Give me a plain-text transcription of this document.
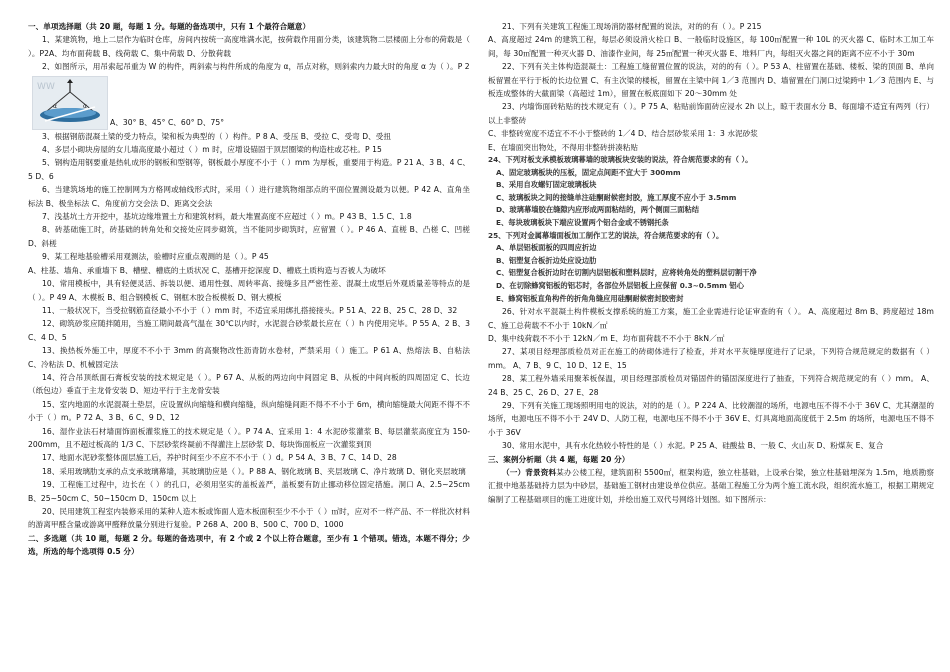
一、单项选择题（共 20 题，每题 1 分。每题的备选项中，只有 1 个最符合题意）

1、某建筑物，地上二层作为临时仓库，房间内按统一高度堆满水泥，按荷载作用面分类，该建筑物二层楼面上分布的荷载是（ ）。P2A、均布面荷载 B、线荷载 C、集中荷载 D、分散荷载

2、如图所示，用吊索起吊重为 W 的构件，两斜索与构件所成的角度为 α，吊点对称，则斜索内力最大时的角度 α 为（ ）。P 2

WW
α	α
A、30° B、45° C、60° D、75°

3、根据钢筋混凝土梁的受力特点，梁和板为典型的（ ）构件。P 8 A、受压 B、受拉 C、受弯 D、受扭

4、多层小砌块房屋的女儿墙高度最小超过（ ）m 时，应增设锚固于顶层圈梁的构造柱或芯柱。P 15

5、钢构造用钢要重是热轧成形的钢板和型钢等，钢板最小厚度不小于（ ）mm 为厚板，重要用于构造。P 21 A、3 B、4 C、5 D、6

6、当建筑场地的施工控制网为方格网或轴线形式时，采用（ ）进行建筑物细部点的平面位置测设最为以便。P 42 A、直角坐标法 B、极坐标法 C、角度前方交会法 D、距离交会法

7、浅基坑土方开挖中，基坑边缘堆置土方和建筑材料，最大堆置高度不应超过（ ）m。P 43 B、1.5 C、1.8

8、砖基础施工时，砖基础的转角处和交接处应同步砌筑，当不能同步砌筑时，应留置（ ）。P 46 A、直槎 B、凸槎 C、凹槎 D、斜槎

9、某工程地基验槽采用观测法，验槽时应重点观测的是（ ）。P 45

A、柱基、墙角、承重墙下 B、槽壁、槽底的土质状况 C、基槽开挖深度 D、槽底土质构造与否被人为破坏

10、常用模板中，具有轻便灵活、拆装以便、通用性强、周转率高、接缝多且严密性差、混凝土成型后外观质量差等特点的是（ ）。P 49 A、木模板 B、组合钢模板 C、钢框木胶合板模板 D、钢大模板

11、一般状况下，当受拉钢筋直径最小不小于（ ）mm 时，不适宜采用绑扎搭接接头。P 51 A、22 B、25 C、28 D、32

12、砌筑砂浆应随拌随用，当施工期间最高气温在 30℃以内时，水泥混合砂浆最长应在（ ）h 内使用完毕。P 55 A、2 B、3 C、4 D、5

13、换热板外施工中，厚度不不小于 3mm 的高聚物改性沥青防水卷材，严禁采用（ ）施工。P 61 A、热熔法 B、自粘法 C、冷粘法 D、机械固定法

14、符合吊顶纸面石膏板安装的技术规定是（ ）。P 67 A、从板的两边向中间固定 B、从板的中间向板的四周固定 C、长边（纸包边）垂直于主龙骨安装 D、短边平行于主龙骨安装

15、室内地面的水泥混凝土垫层，应设置纵向缩缝和横向缩缝，纵向缩缝间距不得不不小于 6m，横向缩缝最大间距不得不不小于（ ）m。P 72 A、3 B、6 C、9 D、12

16、湿作业法石材墙面饰面板灌浆施工的技术规定是（ ）。P 74 A、宜采用 1：4 水泥砂浆灌浆 B、每层灌浆高度宜为 150-200mm，且不超过板高的 1/3 C、下层砂浆终凝前不得灌注上层砂浆 D、每块饰面板应一次灌浆到顶

17、地面水泥砂浆整体面层施工后，养护时间至少不应不不小于（ ）d。P 54 A、3 B、7 C、14 D、28

18、采用玻璃肋支承的点支承玻璃幕墙，其玻璃肋应是（ ）。P 88 A、钢化玻璃 B、夹层玻璃 C、净片玻璃 D、钢化夹层玻璃

19、工程施工过程中，边长在（ ）的孔口，必须用坚实的盖板盖严，盖板要有防止挪动移位固定措施。洞口 A、2.5~25cm B、25~50cm C、50~150cm D、150cm 以上

20、民用建筑工程室内装修采用的某种人造木板或饰面人造木板面积至少不小于（ ）㎡时，应对不一样产品、不一样批次材料的游离甲醛含量或游离甲醛释放量分别进行复验。P 268 A、200 B、500 C、700 D、1000

二、多选题（共 10 题，每题 2 分。每题的备选项中，有 2 个或 2 个以上符合题意，至少有 1 个错项。错选，本题不得分；少选，所选的每个选项得 0.5 分）

21、下列有关建筑工程施工现场消防器材配置的说法，对的的有（ ）。P 215

A、高度超过 24m 的建筑工程，每层必须设消火栓口 B、一般临时设施区，每 100㎡配置一种 10L 的灭火器 C、临时木工加工车间，每 30㎡配置一种灭火器 D、油漆作业间，每 25㎡配置一种灭火器 E、堆料厂内，每组灭火器之间的距离不应不小于 30m

22、下列有关主体构造混凝土：工程施工缝留置位置的说法，对的的有（ ）。P 53 A、柱留置在基础、楼板、梁的顶面 B、单向板留置在平行于板的长边位置 C、有主次梁的楼板，留置在主梁中间 1／3 范围内 D、墙留置在门洞口过梁跨中 1／3 范围内 E、与板连成整体的大截面梁（高超过 1m），留置在板底面如下 20～30mm 处

23、内墙饰面砖粘贴的技术规定有（ ）。P 75 A、粘贴前饰面砖应浸水 2h 以上，晾干表面水分 B、每面墙不适宜有两列（行）以上非整砖

C、非整砖宽度不适宜不不小于整砖的 1／4 D、结合层砂浆采用 1：3 水泥砂浆

E、在墙面突出物处，不得用非整砖拼凑粘贴

24、下列对板支承模板玻璃幕墙的玻璃板块安装的说法，符合规范要求的有（ ）。

A、固定玻璃板块的压板，固定点间距不宜大于 300mm

B、采用自攻螺钉固定玻璃板块

C、玻璃板块之间的接缝单注硅酮耐候密封胶，施工厚度不应小于 3.5mm

D、玻璃幕墙胶在缝隙内应形成两面粘结的，两个侧面三面粘结

E、每块玻璃板块下端应设置两个铝合金或不锈钢托条

25、下列对金属幕墙面板加工制作工艺的说法，符合规范要求的有（ ）。

A、单层铝板面板的四周应折边

B、铝塑复合板折边处应设边肋

C、铝塑复合板折边时在切割内层铝板和塑料层时，应将转角处的塑料层切割干净

D、在切除蜂窝铝板的铝芯时，各部位外层铝板上应保留 0.3~0.5mm 铝心

E、蜂窝铝板直角构件的折角角缝应用硅酮耐候密封胶密封

26、针对水平混凝土构件模板支撑系统的施工方案，施工企业需进行论证审查的有（ ）。 A、高度超过 8m B、跨度超过 18m C、施工总荷载不不小于 10kN／㎡

D、集中线荷载不不小于 12kN／m E、均布面荷载不不小于 8kN／㎡

27、某项目经理部质检员对正在施工的砖砌体进行了检查，并对水平灰缝厚度进行了记录，下列符合规范规定的数据有（ ）mm。 A、7 B、9 C、10 D、12 E、15

28、某工程外墙采用聚苯板保温，项目经理部质检员对锚固件的锚固深度进行了抽查，下列符合规范规定的有（ ）mm。 A、24 B、25 C、26 D、27 E、28

29、下列有关施工现场照明用电的说法，对的的是（ ）。P 224 A、比较潮湿的场所，电源电压不得不小于 36V C、尤其潮湿的场所，电源电压不得不小于 24V D、人防工程，电源电压不得不小于 36V E、灯具离地面高度低于 2.5m 的场所，电源电压不得不小于 36V

30、常用水泥中，具有水化热较小特性的是（ ）水泥。P 25 A、硅酸盐 B、一般 C、火山灰 D、粉煤灰 E、复合

三、案例分析题（共 4 题，每题 20 分）

（一）背景资料某办公楼工程，建筑面积 5500㎡，框架构造，独立柱基础，上设承台梁，独立柱基础埋深为 1.5m，地质勘察汇报中地基基础持力层为中砂层，基础施工钢材由建设单位供应。基础工程施工分为两个施工流水段，组织流水施工，根据工期规定编制了工程基础项目的施工进度计划，并绘出施工双代号网络计划图。如下图所示：
